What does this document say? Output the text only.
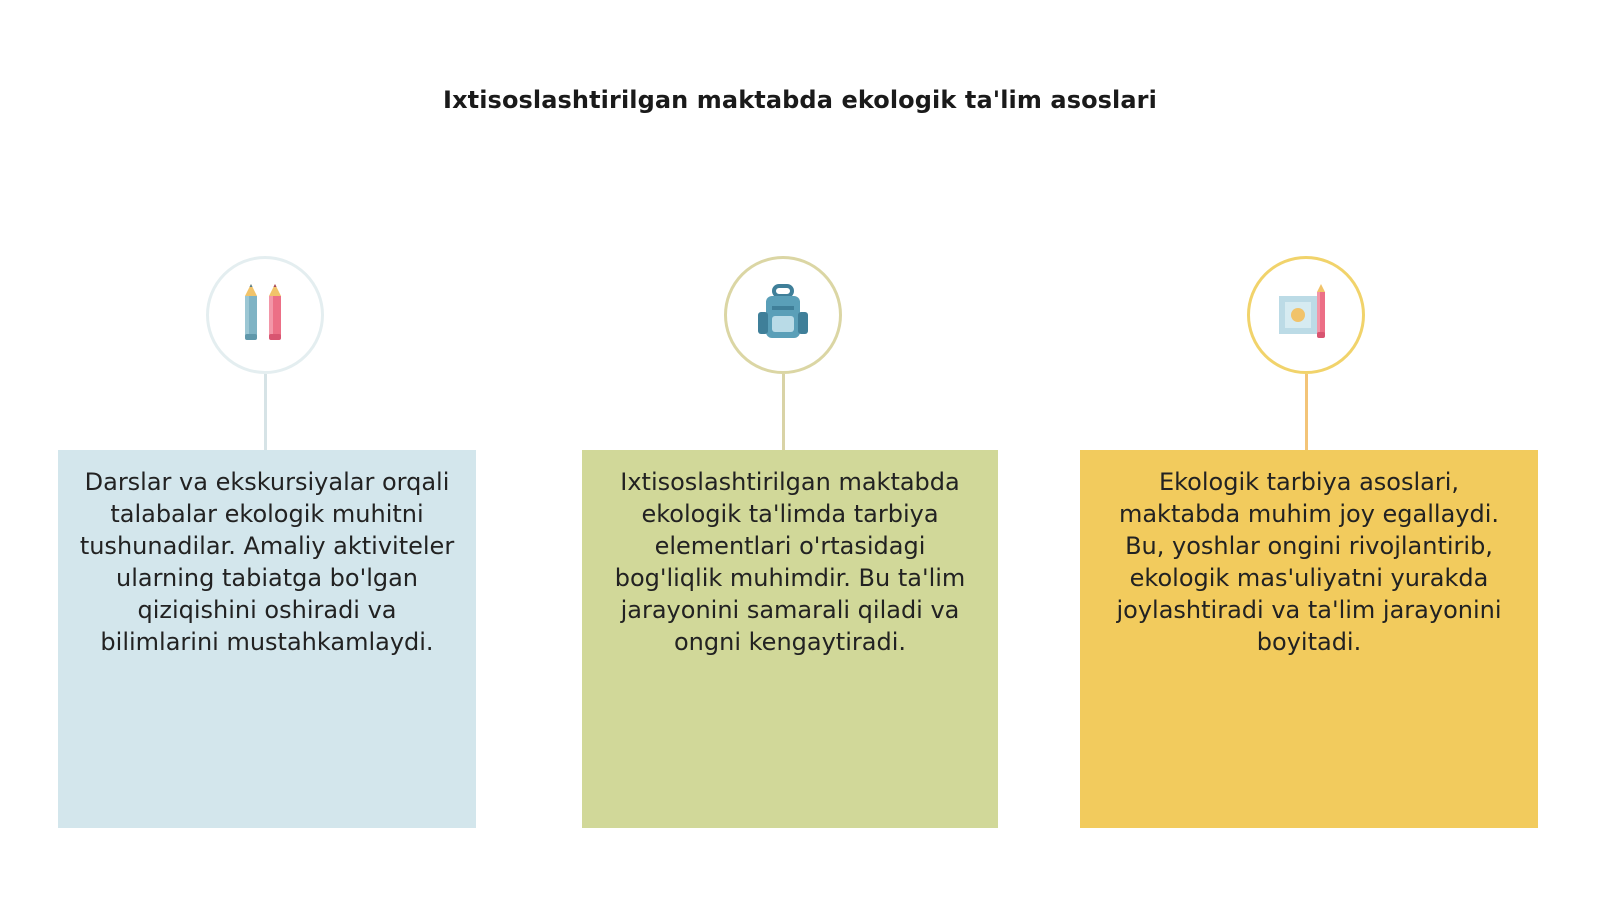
Ixtisoslashtirilgan maktabda ekologik ta'lim asoslari
Darslar va ekskursiyalar orqali talabalar ekologik muhitni tushunadilar. Amaliy aktiviteler ularning tabiatga bo'lgan qiziqishini oshiradi va bilimlarini mustahkamlaydi.
Ixtisoslashtirilgan maktabda ekologik ta'limda tarbiya elementlari o'rtasidagi bog'liqlik muhimdir. Bu ta'lim jarayonini samarali qiladi va ongni kengaytiradi.
Ekologik tarbiya asoslari, maktabda muhim joy egallaydi. Bu, yoshlar ongini rivojlantirib, ekologik mas'uliyatni yurakda joylashtiradi va ta'lim jarayonini boyitadi.
